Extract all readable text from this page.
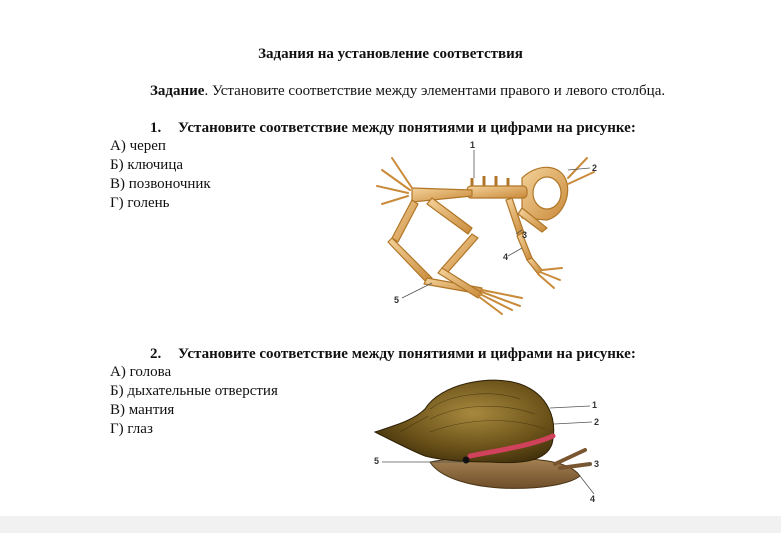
Задания на установление соответствия
Задание. Установите соответствие между элементами правого и левого столбца.
1. Установите соответствие между понятиями и цифрами на рисунке:
А) череп
Б) ключица
В) позвоночник
Г) голень
1
2
3
4
5
2. Установите соответствие между понятиями и цифрами на рисунке:
А) голова
Б) дыхательные отверстия
В) мантия
Г) глаз
1
2
3
4
5
